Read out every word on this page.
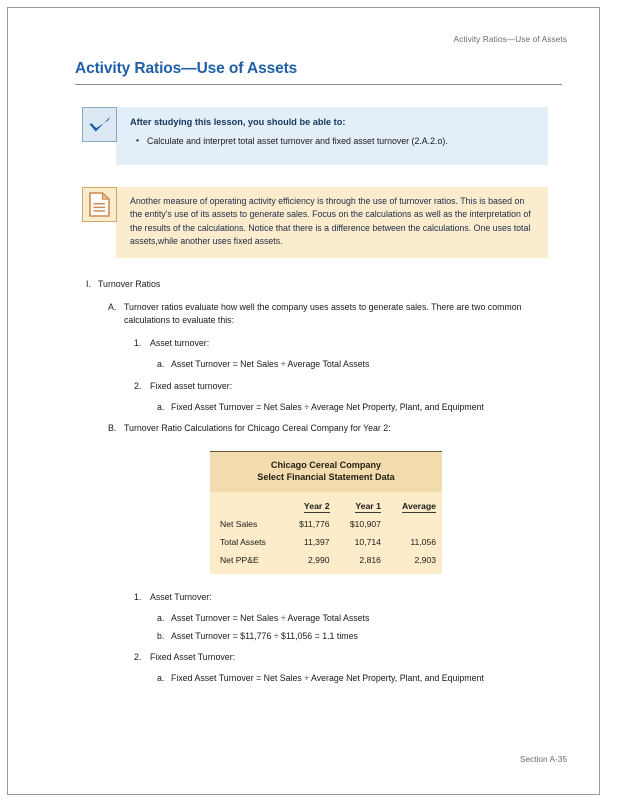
Activity Ratios—Use of Assets
Activity Ratios—Use of Assets

After studying this lesson, you should be able to:

• Calculate and interpret total asset turnover and fixed asset turnover (2.A.2.o).

Another measure of operating activity efficiency is through the use of turnover ratios. This is based on the entity's use of its assets to generate sales. Focus on the calculations as well as the interpretation of the results of the calculations. Notice that there is a difference between the calculations. One uses total assets,while another uses fixed assets.

I. Turnover Ratios
A. Turnover ratios evaluate how well the company uses assets to generate sales. There are two common calculations to evaluate this:
1. Asset turnover:
a. Asset Turnover = Net Sales ÷ Average Total Assets
2. Fixed asset turnover:
a. Fixed Asset Turnover = Net Sales ÷ Average Net Property, Plant, and Equipment
B. Turnover Ratio Calculations for Chicago Cereal Company for Year 2:
Chicago Cereal Company
Select Financial Statement Data			
	Year 2	Year 1	Average
Net Sales	$11,776	$10,907	
Total Assets	11,397	10,714	11,056
Net PP&E	2,990	2,816	2,903
1. Asset Turnover:
a. Asset Turnover = Net Sales ÷ Average Total Assets
b. Asset Turnover = $11,776 ÷ $11,056 = 1.1 times
2. Fixed Asset Turnover:
a. Fixed Asset Turnover = Net Sales ÷ Average Net Property, Plant, and Equipment
Section A-35
